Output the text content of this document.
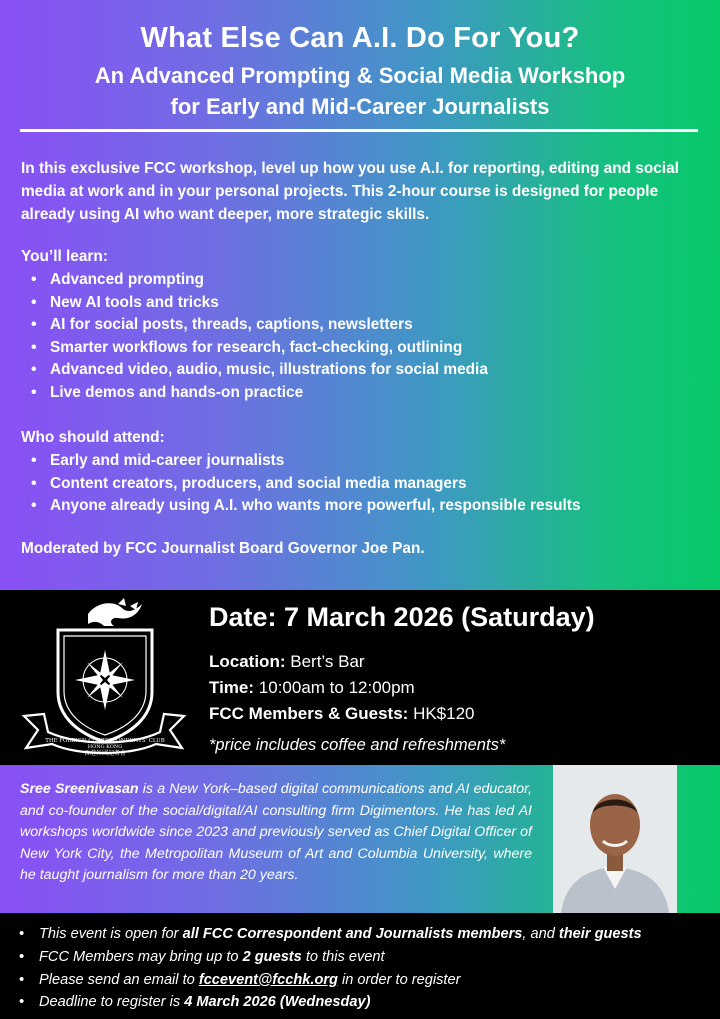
What Else Can A.I. Do For You?
An Advanced Prompting & Social Media Workshop
for Early and Mid-Career Journalists

In this exclusive FCC workshop, level up how you use A.I. for reporting, editing and social media at work and in your personal projects. This 2-hour course is designed for people already using AI who want deeper, more strategic skills.

You’ll learn:

• Advanced prompting
• New AI tools and tricks
• AI for social posts, threads, captions, newsletters
• Smarter workflows for research, fact-checking, outlining
• Advanced video, audio, music, illustrations for social media
• Live demos and hands-on practice

Who should attend:

• Early and mid-career journalists
• Content creators, producers, and social media managers
• Anyone already using A.I. who wants more powerful, responsible results

Moderated by FCC Journalist Board Governor Joe Pan.

THE FOREIGN CORRESPONDENTS' CLUB
HONG KONG
香港外國記者會

Date: 7 March 2026 (Saturday)

Location: Bert’s Bar

Time: 10:00am to 12:00pm

FCC Members & Guests: HK$120

*price includes coffee and refreshments*

Sree Sreenivasan is a New York–based digital communications and AI educator, and co-founder of the social/digital/AI consulting firm Digimentors. He has led AI workshops worldwide since 2023 and previously served as Chief Digital Officer of New York City, the Metropolitan Museum of Art and Columbia University, where he taught journalism for more than 20 years.

• This event is open for all FCC Correspondent and Journalists members, and their guests
• FCC Members may bring up to 2 guests to this event
• Please send an email to fccevent@fcchk.org in order to register
• Deadline to register is 4 March 2026 (Wednesday)
